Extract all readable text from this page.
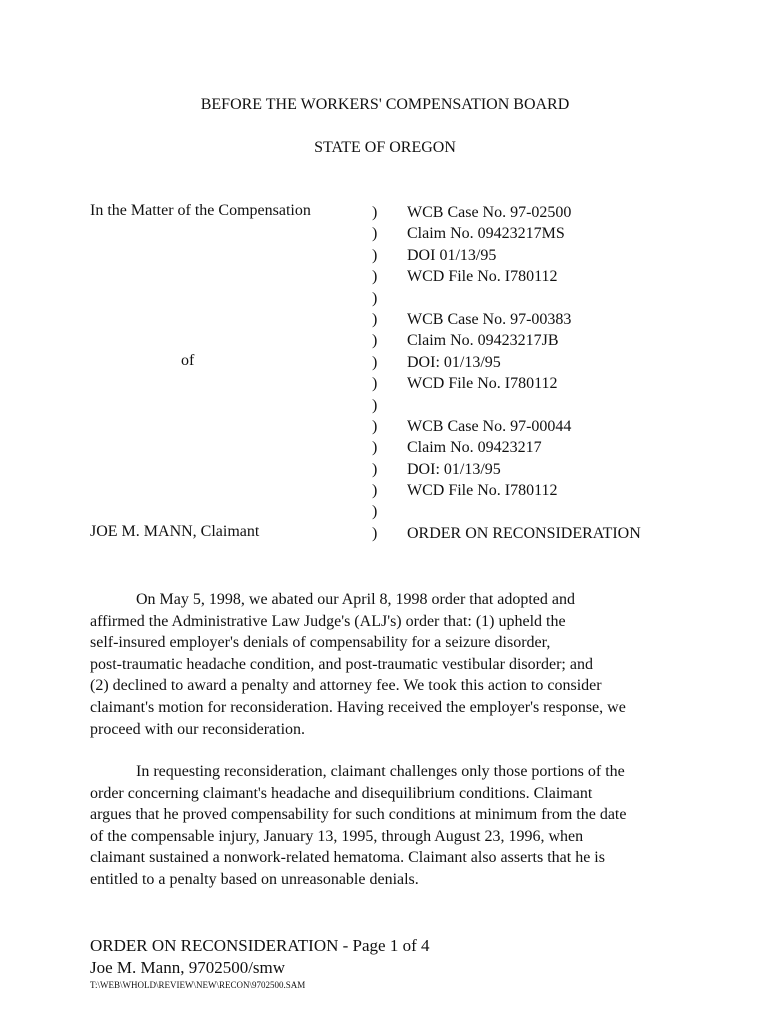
BEFORE THE WORKERS' COMPENSATION BOARD
STATE OF OREGON
In the Matter of the Compensation
of
JOE M. MANN, Claimant
)
)
)
)
)
)
)
)
)
)
)
)
)
)
)
)
WCB Case No. 97-02500
Claim No. 09423217MS
DOI 01/13/95
WCD File No. I780112
WCB Case No. 97-00383
Claim No. 09423217JB
DOI: 01/13/95
WCD File No. I780112
WCB Case No. 97-00044
Claim No. 09423217
DOI: 01/13/95
WCD File No. I780112
ORDER ON RECONSIDERATION
On May 5, 1998, we abated our April 8, 1998 order that adopted and
affirmed the Administrative Law Judge's (ALJ's) order that: (1) upheld the
self-insured employer's denials of compensability for a seizure disorder,
post-traumatic headache condition, and post-traumatic vestibular disorder; and
(2) declined to award a penalty and attorney fee. We took this action to consider
claimant's motion for reconsideration. Having received the employer's response, we
proceed with our reconsideration.
In requesting reconsideration, claimant challenges only those portions of the
order concerning claimant's headache and disequilibrium conditions. Claimant
argues that he proved compensability for such conditions at minimum from the date
of the compensable injury, January 13, 1995, through August 23, 1996, when
claimant sustained a nonwork-related hematoma. Claimant also asserts that he is
entitled to a penalty based on unreasonable denials.
ORDER ON RECONSIDERATION - Page 1 of 4
Joe M. Mann, 9702500/smw
T:\WEB\WHOLD\REVIEW\NEW\RECON\9702500.SAM
